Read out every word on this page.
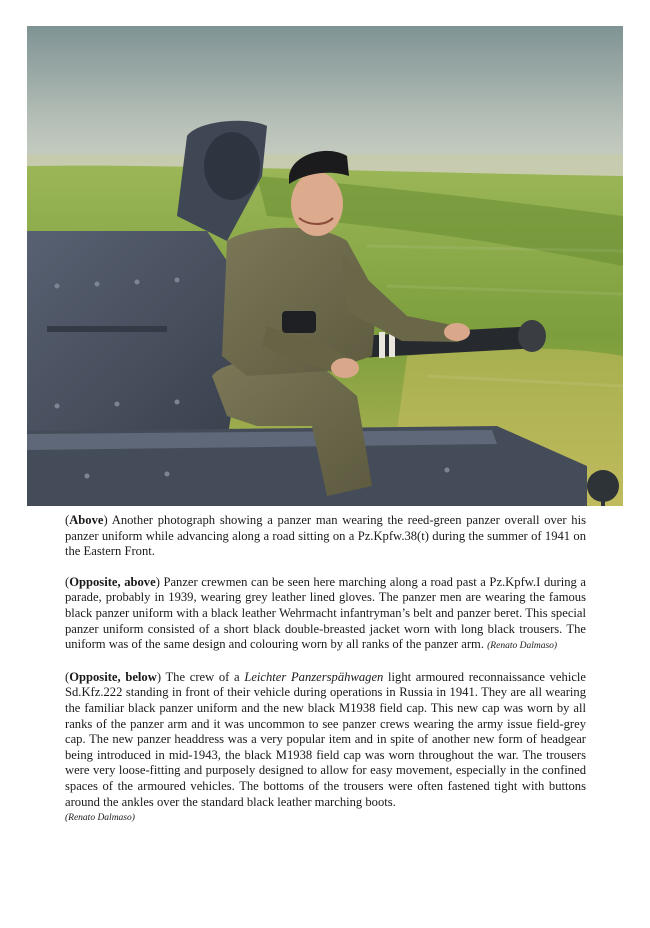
(Above) Another photograph showing a panzer man wearing the reed-green panzer overall over his panzer uniform while advancing along a road sitting on a Pz.Kpfw.38(t) during the summer of 1941 on the Eastern Front.

(Opposite, above) Panzer crewmen can be seen here marching along a road past a Pz.Kpfw.I during a parade, probably in 1939, wearing grey leather lined gloves. The panzer men are wearing the famous black panzer uniform with a black leather Wehrmacht infantryman’s belt and panzer beret. This special panzer uniform consisted of a short black double-breasted jacket worn with long black trousers. The uniform was of the same design and colouring worn by all ranks of the panzer arm. (Renato Dalmaso)

(Opposite, below) The crew of a Leichter Panzerspähwagen light armoured reconnaissance vehicle Sd.Kfz.222 standing in front of their vehicle during operations in Russia in 1941. They are all wearing the familiar black panzer uniform and the new black M1938 field cap. This new cap was worn by all ranks of the panzer arm and it was uncommon to see panzer crews wearing the army issue field-grey cap. The new panzer headdress was a very popular item and in spite of another new form of headgear being introduced in mid-1943, the black M1938 field cap was worn throughout the war. The trousers were very loose-fitting and purposely designed to allow for easy movement, especially in the confined spaces of the armoured vehicles. The bottoms of the trousers were often fastened tight with buttons around the ankles over the standard black leather marching boots.
(Renato Dalmaso)
